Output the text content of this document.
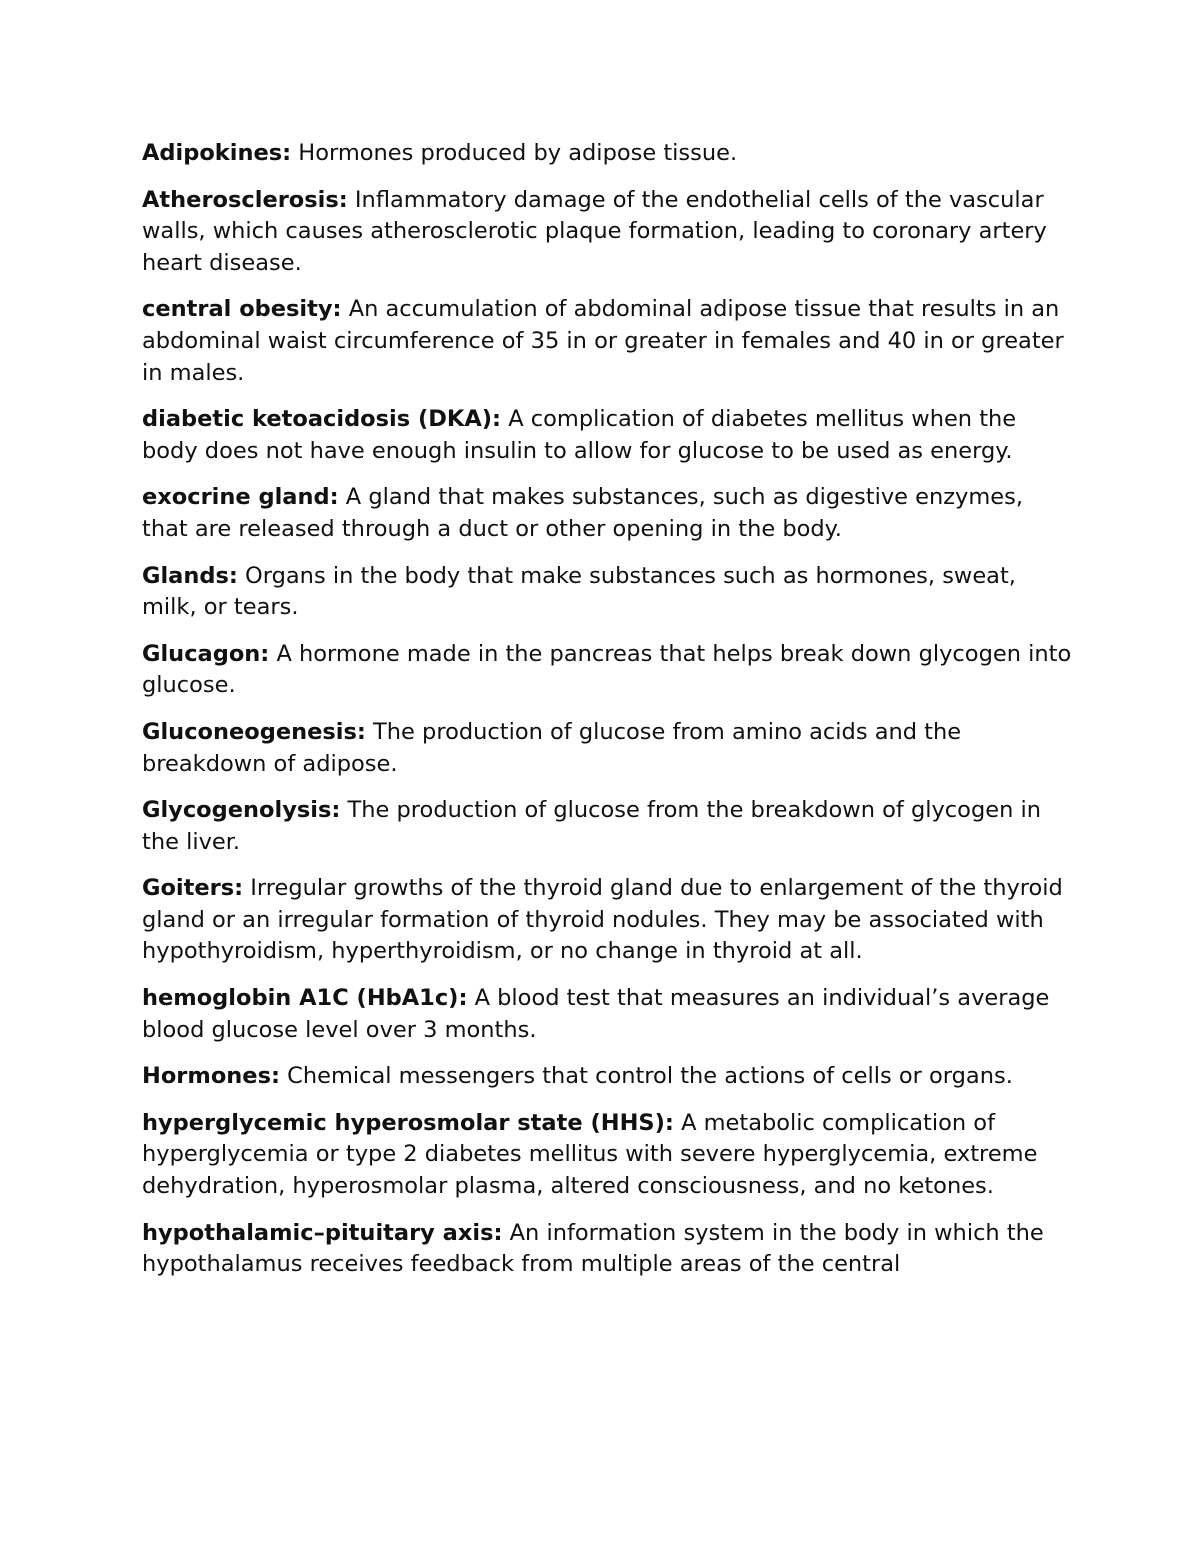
Adipokines: Hormones produced by adipose tissue.

Atherosclerosis: Inflammatory damage of the endothelial cells of the vascular walls, which causes atherosclerotic plaque formation, leading to coronary artery heart disease.

central obesity: An accumulation of abdominal adipose tissue that results in an abdominal waist circumference of 35 in or greater in females and 40 in or greater in males.

diabetic ketoacidosis (DKA): A complication of diabetes mellitus when the body does not have enough insulin to allow for glucose to be used as energy.

exocrine gland: A gland that makes substances, such as digestive enzymes, that are released through a duct or other opening in the body.

Glands: Organs in the body that make substances such as hormones, sweat, milk, or tears.

Glucagon: A hormone made in the pancreas that helps break down glycogen into glucose.

Gluconeogenesis: The production of glucose from amino acids and the breakdown of adipose.

Glycogenolysis: The production of glucose from the breakdown of glycogen in the liver.

Goiters: Irregular growths of the thyroid gland due to enlargement of the thyroid gland or an irregular formation of thyroid nodules. They may be associated with hypothyroidism, hyperthyroidism, or no change in thyroid at all.

hemoglobin A1C (HbA1c): A blood test that measures an individual’s average blood glucose level over 3 months.

Hormones: Chemical messengers that control the actions of cells or organs.

hyperglycemic hyperosmolar state (HHS): A metabolic complication of hyperglycemia or type 2 diabetes mellitus with severe hyperglycemia, extreme dehydration, hyperosmolar plasma, altered consciousness, and no ketones.

hypothalamic–pituitary axis: An information system in the body in which the hypothalamus receives feedback from multiple areas of the central
